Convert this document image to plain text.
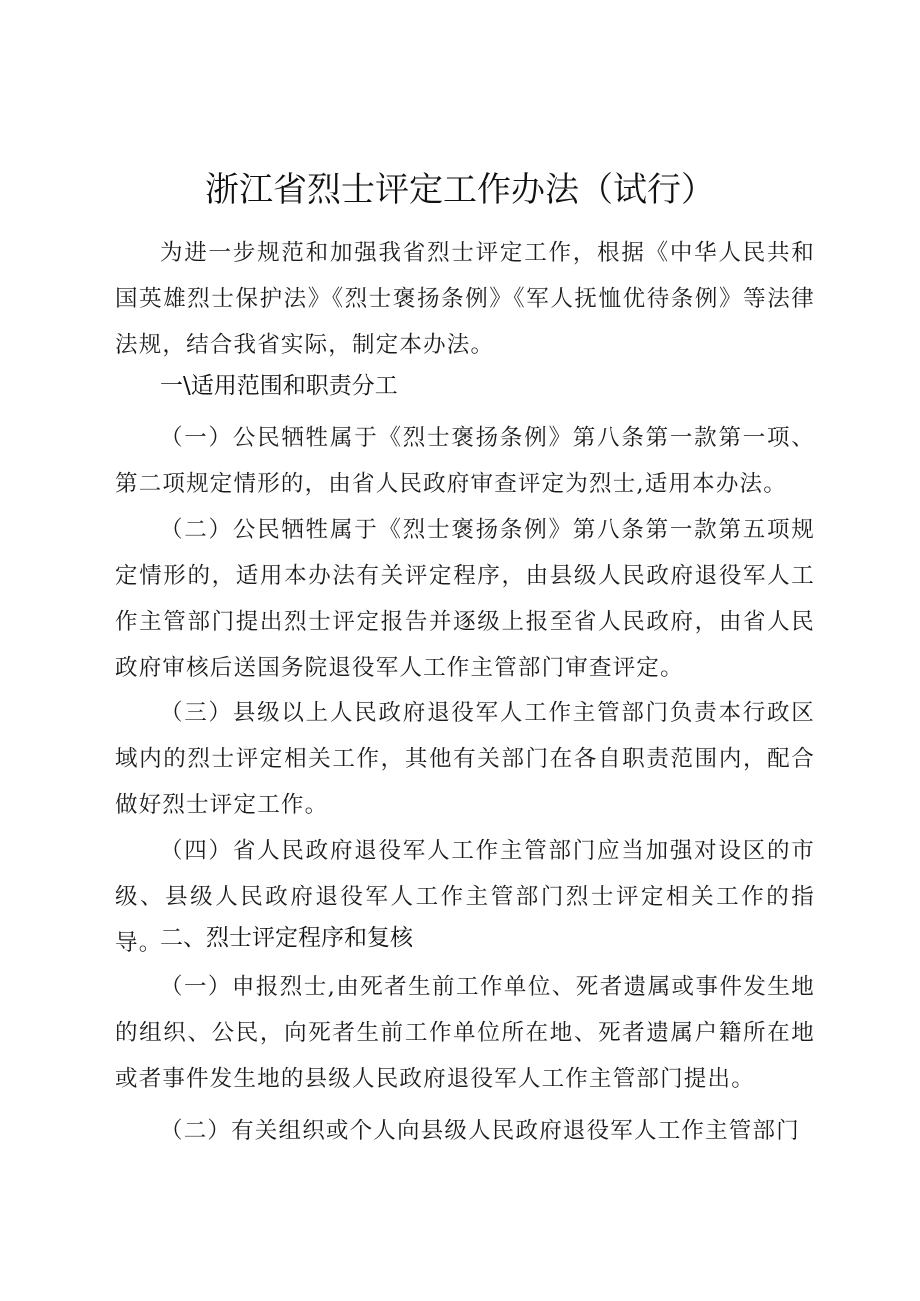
浙江省烈士评定工作办法（试行）

为进一步规范和加强我省烈士评定工作，根据《中华人民共和国英雄烈士保护法》《烈士褒扬条例》《军人抚恤优待条例》等法律法规，结合我省实际，制定本办法。

一\适用范围和职责分工

（一）公民牺牲属于《烈士褒扬条例》第八条第一款第一项、第二项规定情形的，由省人民政府审查评定为烈士,适用本办法。

（二）公民牺牲属于《烈士褒扬条例》第八条第一款第五项规定情形的，适用本办法有关评定程序，由县级人民政府退役军人工作主管部门提出烈士评定报告并逐级上报至省人民政府，由省人民政府审核后送国务院退役军人工作主管部门审查评定。

（三）县级以上人民政府退役军人工作主管部门负责本行政区域内的烈士评定相关工作，其他有关部门在各自职责范围内，配合做好烈士评定工作。

（四）省人民政府退役军人工作主管部门应当加强对设区的市级、县级人民政府退役军人工作主管部门烈士评定相关工作的指导。

二、烈士评定程序和复核

（一）申报烈士,由死者生前工作单位、死者遗属或事件发生地的组织、公民，向死者生前工作单位所在地、死者遗属户籍所在地或者事件发生地的县级人民政府退役军人工作主管部门提出。

（二）有关组织或个人向县级人民政府退役军人工作主管部门
